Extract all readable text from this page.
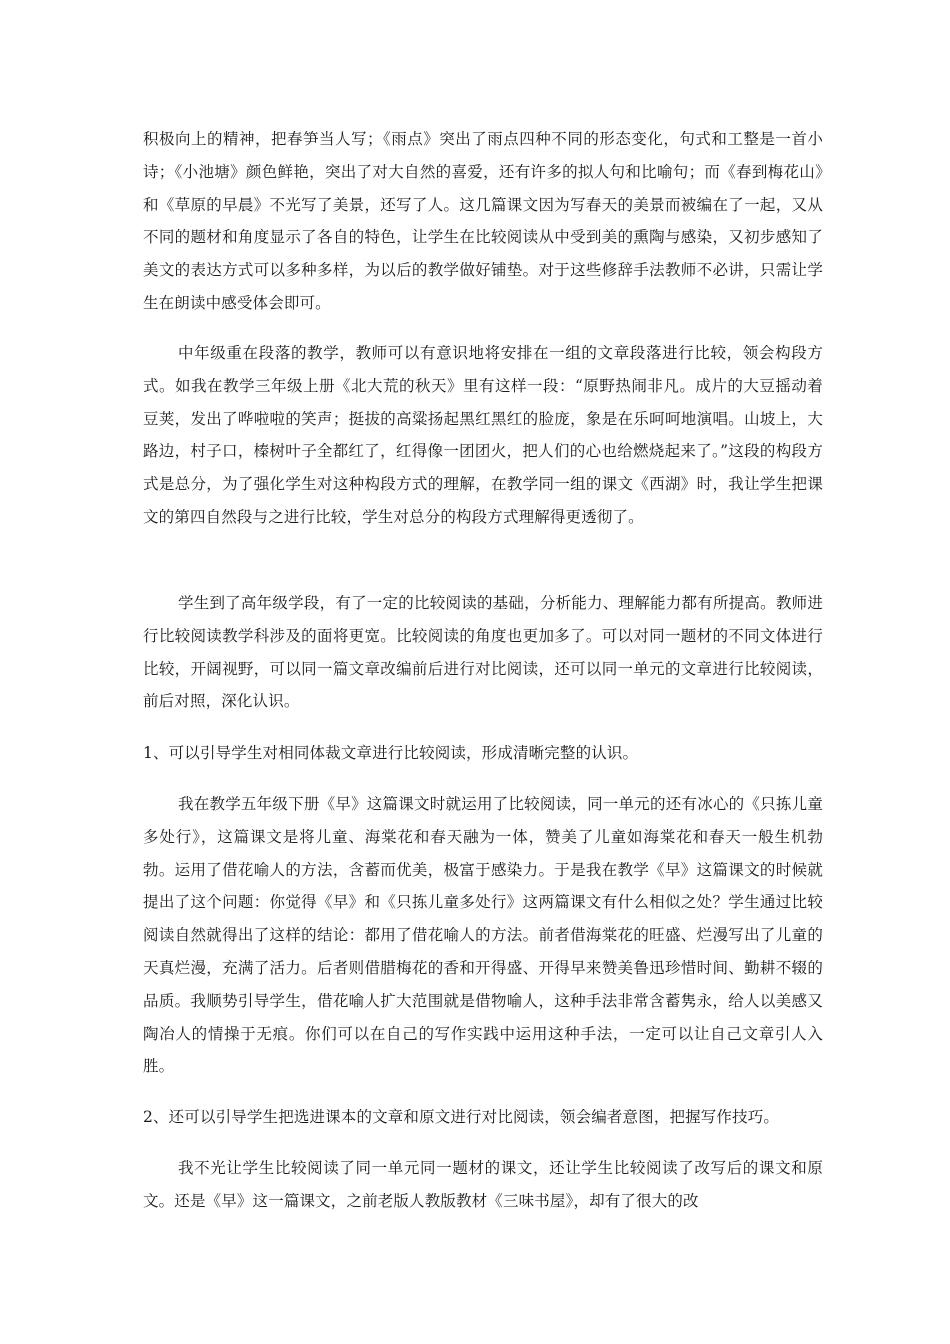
积极向上的精神，把春笋当人写；《雨点》突出了雨点四种不同的形态变化，句式和工整是一首小诗；《小池塘》颜色鲜艳，突出了对大自然的喜爱，还有许多的拟人句和比喻句；而《春到梅花山》和《草原的早晨》不光写了美景，还写了人。这几篇课文因为写春天的美景而被编在了一起，又从不同的题材和角度显示了各自的特色，让学生在比较阅读从中受到美的熏陶与感染，又初步感知了美文的表达方式可以多种多样，为以后的教学做好铺垫。对于这些修辞手法教师不必讲，只需让学生在朗读中感受体会即可。

中年级重在段落的教学，教师可以有意识地将安排在一组的文章段落进行比较，领会构段方式。如我在教学三年级上册《北大荒的秋天》里有这样一段：“原野热闹非凡。成片的大豆摇动着豆荚，发出了哗啦啦的笑声；挺拔的高粱扬起黑红黑红的脸庞，象是在乐呵呵地演唱。山坡上，大路边，村子口，榛树叶子全都红了，红得像一团团火，把人们的心也给燃烧起来了。”这段的构段方式是总分，为了强化学生对这种构段方式的理解，在教学同一组的课文《西湖》时，我让学生把课文的第四自然段与之进行比较，学生对总分的构段方式理解得更透彻了。

学生到了高年级学段，有了一定的比较阅读的基础，分析能力、理解能力都有所提高。教师进行比较阅读教学科涉及的面将更宽。比较阅读的角度也更加多了。可以对同一题材的不同文体进行比较，开阔视野，可以同一篇文章改编前后进行对比阅读，还可以同一单元的文章进行比较阅读，前后对照，深化认识。

1、可以引导学生对相同体裁文章进行比较阅读，形成清晰完整的认识。

我在教学五年级下册《早》这篇课文时就运用了比较阅读，同一单元的还有冰心的《只拣儿童多处行》，这篇课文是将儿童、海棠花和春天融为一体，赞美了儿童如海棠花和春天一般生机勃勃。运用了借花喻人的方法，含蓄而优美，极富于感染力。于是我在教学《早》这篇课文的时候就提出了这个问题：你觉得《早》和《只拣儿童多处行》这两篇课文有什么相似之处？学生通过比较阅读自然就得出了这样的结论：都用了借花喻人的方法。前者借海棠花的旺盛、烂漫写出了儿童的天真烂漫，充满了活力。后者则借腊梅花的香和开得盛、开得早来赞美鲁迅珍惜时间、勤耕不辍的品质。我顺势引导学生，借花喻人扩大范围就是借物喻人，这种手法非常含蓄隽永，给人以美感又陶冶人的情操于无痕。你们可以在自己的写作实践中运用这种手法，一定可以让自己文章引人入胜。

2、还可以引导学生把选进课本的文章和原文进行对比阅读，领会编者意图，把握写作技巧。

我不光让学生比较阅读了同一单元同一题材的课文，还让学生比较阅读了改写后的课文和原文。还是《早》这一篇课文，之前老版人教版教材《三味书屋》，却有了很大的改
